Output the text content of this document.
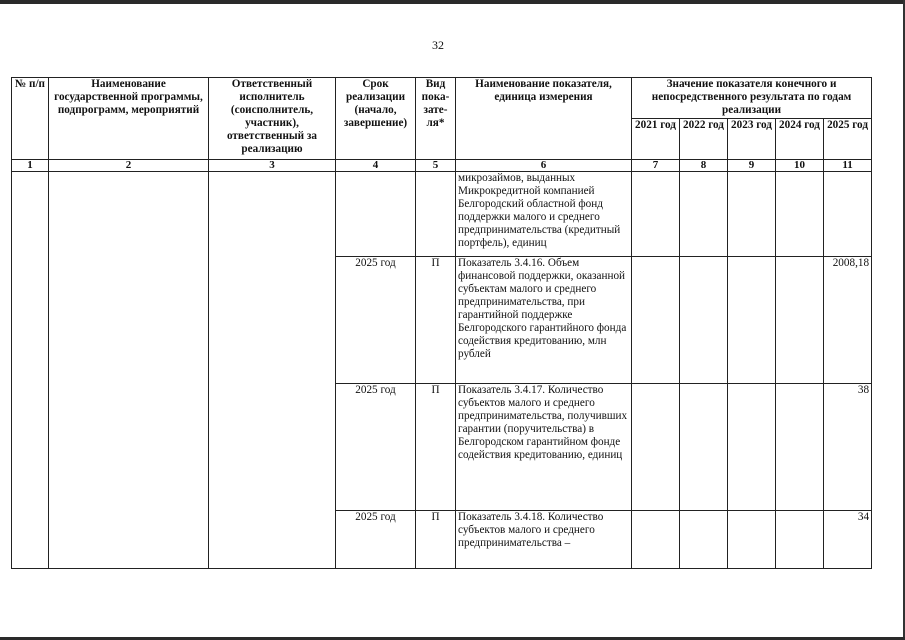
32
№ п/п	Наименование государственной программы, подпрограмм, мероприятий	Ответственный исполнитель (соисполнитель, участник), ответственный за реализацию	Срок реализации (начало, завершение)	Вид пока-зате-ля*	Наименование показателя, единица измерения	Значение показателя конечного и непосредственного результата по годам реализации				
						2021 год	2022 год	2023 год	2024 год	2025 год
1	2	3	4	5	6	7	8	9	10	11
					микрозаймов, выданных Микрокредитной компанией Белгородский областной фонд поддержки малого и среднего предпринимательства (кредитный портфель), единиц					
			2025 год	П	Показатель 3.4.16. Объем финансовой поддержки, оказанной субъектам малого и среднего предпринимательства, при гарантийной поддержке Белгородского гарантийного фонда содействия кредитованию, млн рублей					2008,18
			2025 год	П	Показатель 3.4.17. Количество субъектов малого и среднего предпринимательства, получивших гарантии (поручительства) в Белгородском гарантийном фонде содействия кредитованию, единиц					38
			2025 год	П	Показатель 3.4.18. Количество субъектов малого и среднего предпринимательства –					34
